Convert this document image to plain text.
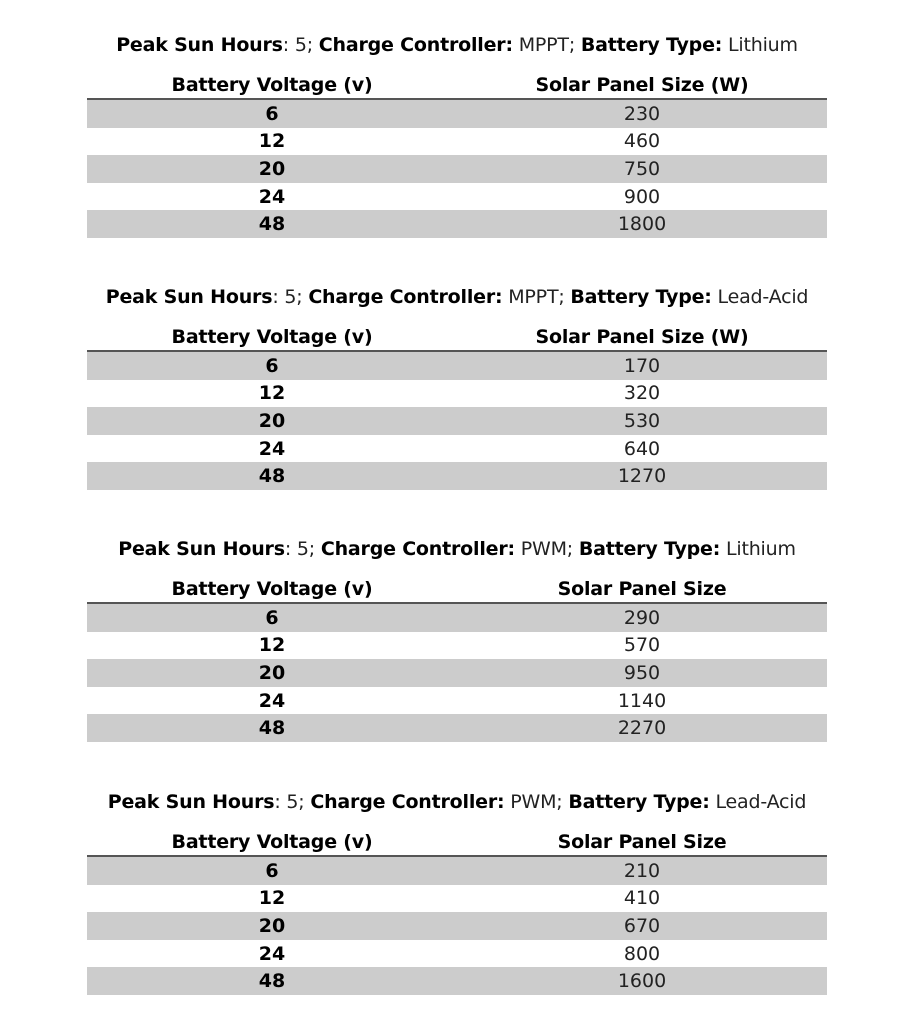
Peak Sun Hours: 5; Charge Controller: MPPT; Battery Type: Lithium
Battery Voltage (v)	Solar Panel Size (W)
6	230
12	460
20	750
24	900
48	1800
Peak Sun Hours: 5; Charge Controller: MPPT; Battery Type: Lead-Acid
Battery Voltage (v)	Solar Panel Size (W)
6	170
12	320
20	530
24	640
48	1270
Peak Sun Hours: 5; Charge Controller: PWM; Battery Type: Lithium
Battery Voltage (v)	Solar Panel Size
6	290
12	570
20	950
24	1140
48	2270
Peak Sun Hours: 5; Charge Controller: PWM; Battery Type: Lead-Acid
Battery Voltage (v)	Solar Panel Size
6	210
12	410
20	670
24	800
48	1600
